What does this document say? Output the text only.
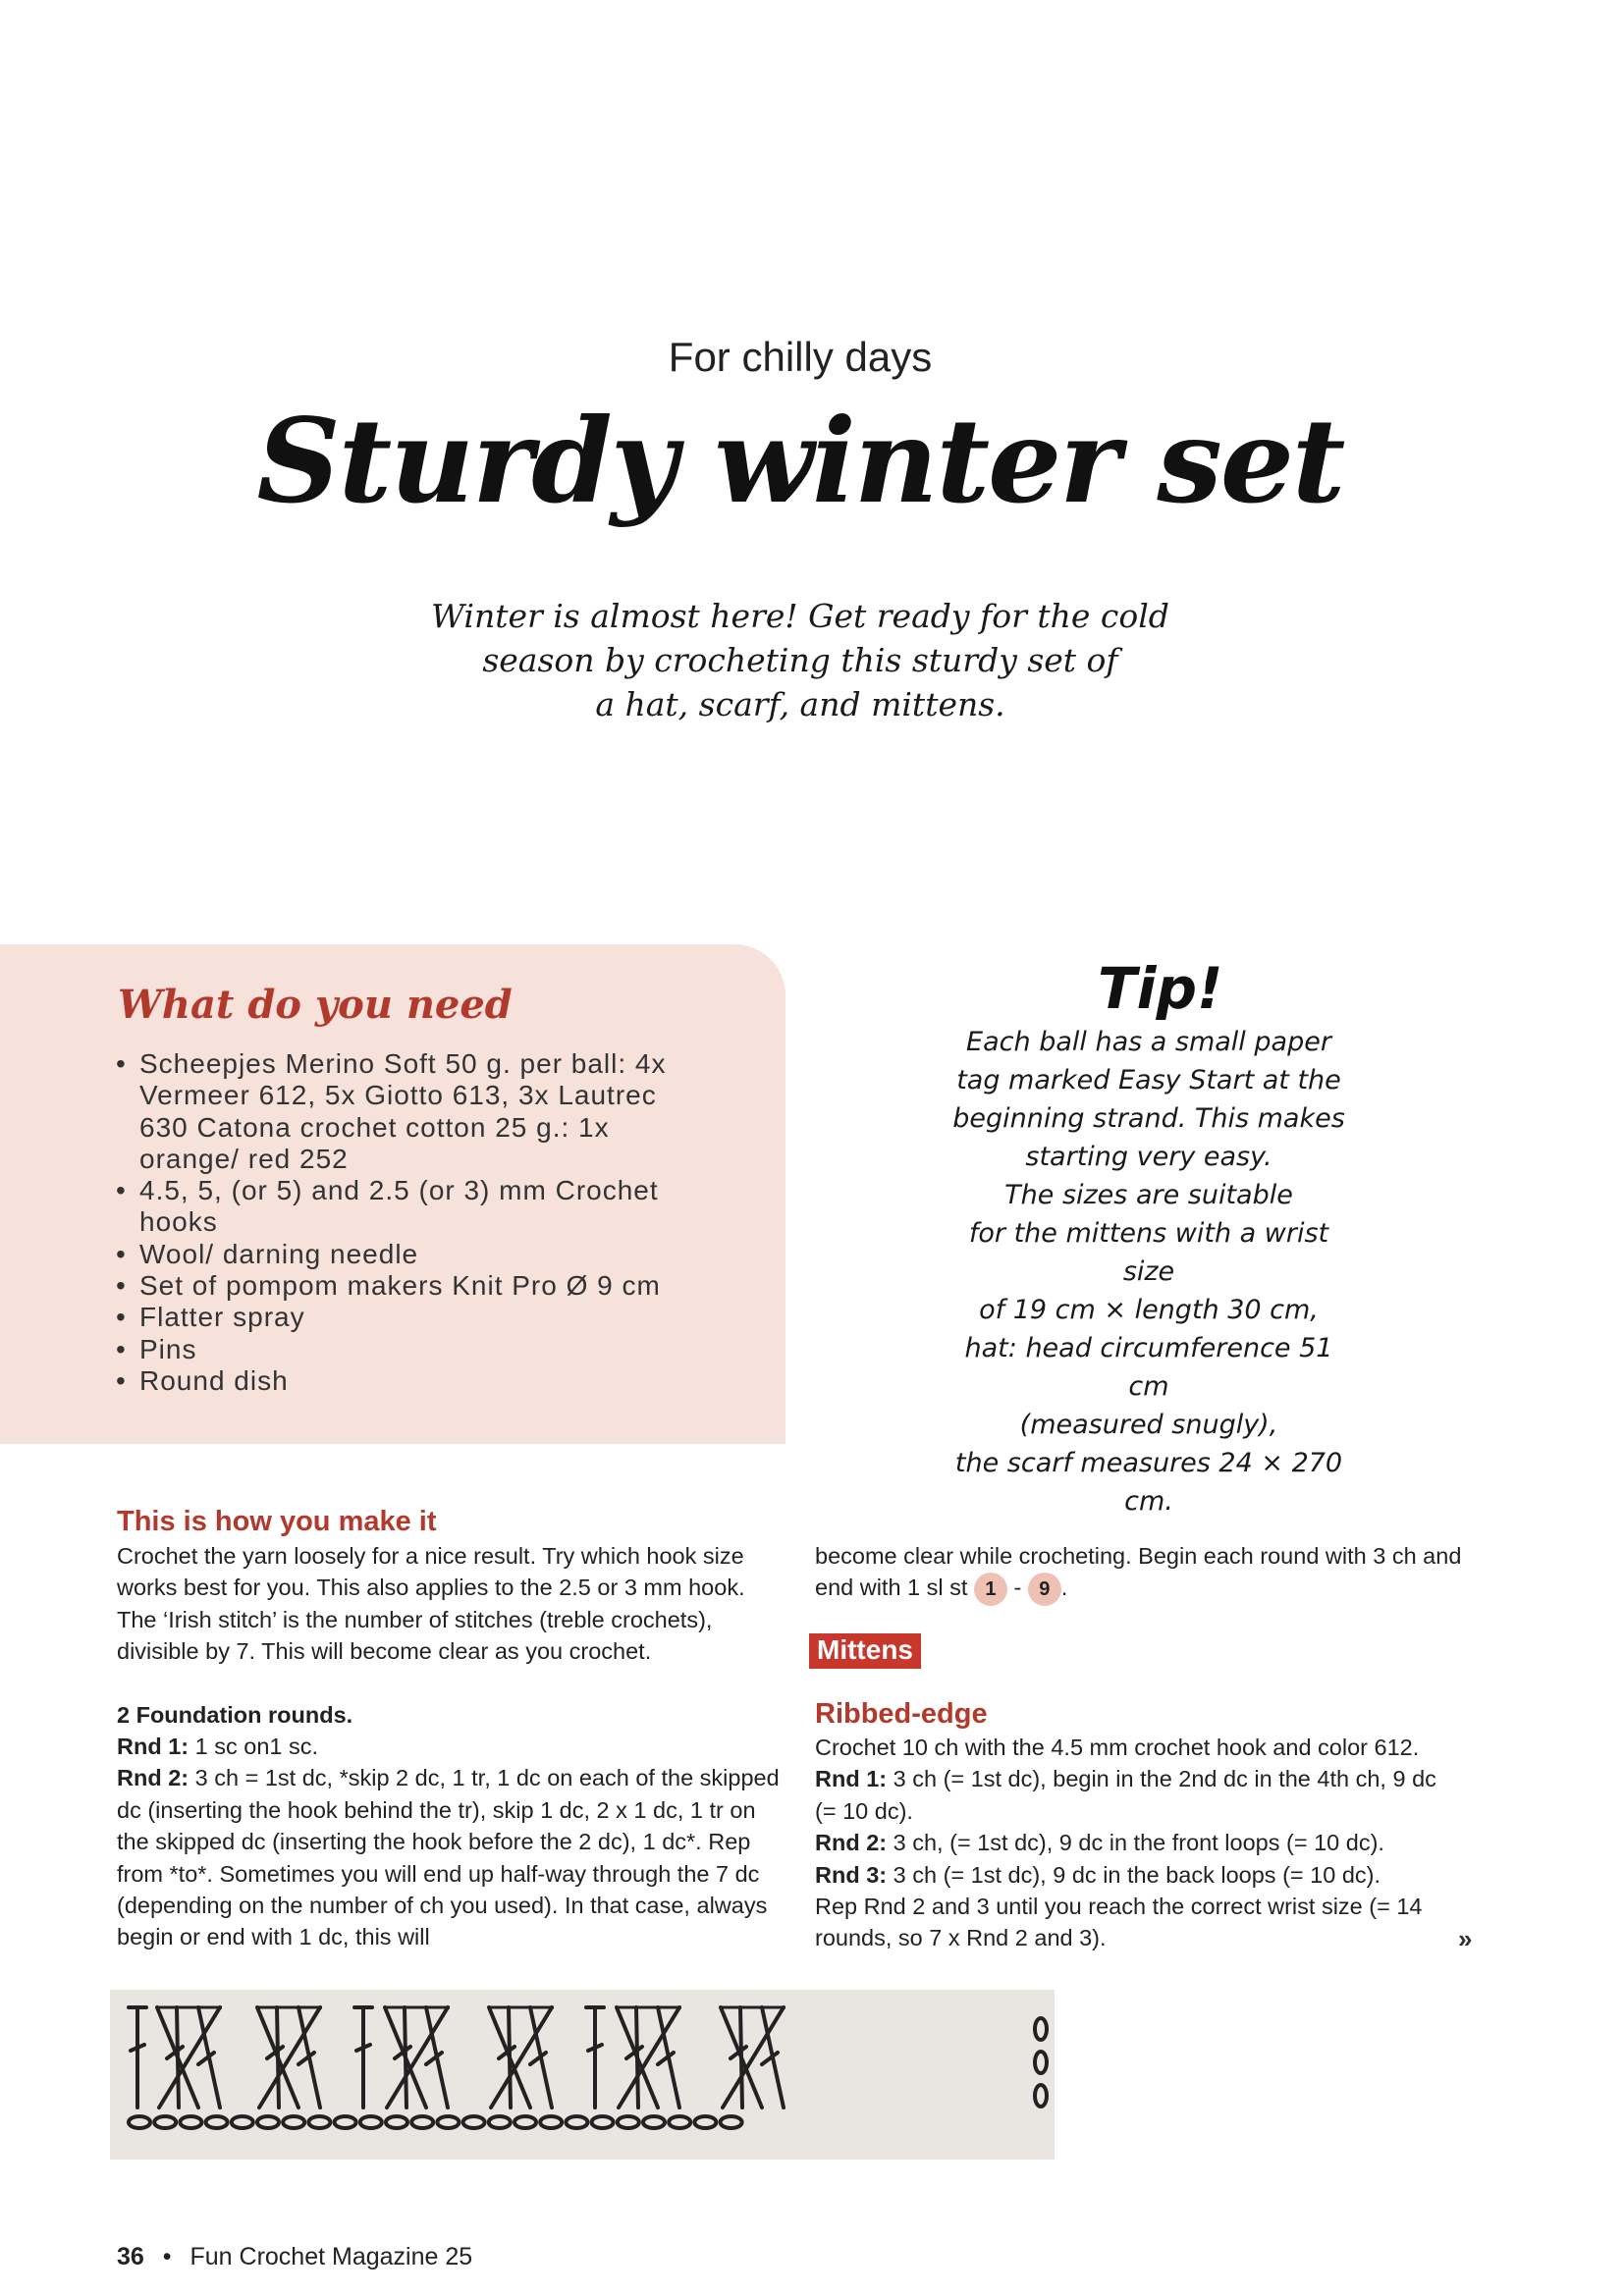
For chilly days
Sturdy winter set
Winter is almost here! Get ready for the cold
season by crocheting this sturdy set of
a hat, scarf, and mittens.
What do you need
• Scheepjes Merino Soft 50 g. per ball: 4x Vermeer 612, 5x Giotto 613, 3x Lautrec 630 Catona crochet cotton 25 g.: 1x orange/ red 252
• 4.5, 5, (or 5) and 2.5 (or 3) mm Crochet hooks
• Wool/ darning needle
• Set of pompom makers Knit Pro Ø 9 cm
• Flatter spray
• Pins
• Round dish
Tip!
Each ball has a small paper
tag marked Easy Start at the
beginning strand. This makes
starting very easy.
The sizes are suitable
for the mittens with a wrist size
of 19 cm × length 30 cm,
hat: head circumference 51 cm
(measured snugly),
the scarf measures 24 × 270 cm.
This is how you make it

Crochet the yarn loosely for a nice result. Try which hook size works best for you. This also applies to the 2.5 or 3 mm hook. The ‘Irish stitch’ is the number of stitches (treble crochets), divisible by 7. This will become clear as you crochet.

2 Foundation rounds.

Rnd 1: 1 sc on1 sc.

Rnd 2: 3 ch = 1st dc, *skip 2 dc, 1 tr, 1 dc on each of the skipped dc (inserting the hook behind the tr), skip 1 dc, 2 x 1 dc, 1 tr on the skipped dc (inserting the hook before the 2 dc), 1 dc*. Rep from *to*. Sometimes you will end up half-way through the 7 dc (depending on the number of ch you used). In that case, always begin or end with 1 dc, this will

become clear while crocheting. Begin each round with 3 ch and end with 1 sl st 1 - 9 .

Mittens
Ribbed-edge

Crochet 10 ch with the 4.5 mm crochet hook and color 612.

Rnd 1: 3 ch (= 1st dc), begin in the 2nd dc in the 4th ch, 9 dc (= 10 dc).

Rnd 2: 3 ch, (= 1st dc), 9 dc in the front loops (= 10 dc).

Rnd 3: 3 ch (= 1st dc), 9 dc in the back loops (= 10 dc).

Rep Rnd 2 and 3 until you reach the correct wrist size (= 14 rounds, so 7 x Rnd 2 and 3).	»
36 • Fun Crochet Magazine 25
